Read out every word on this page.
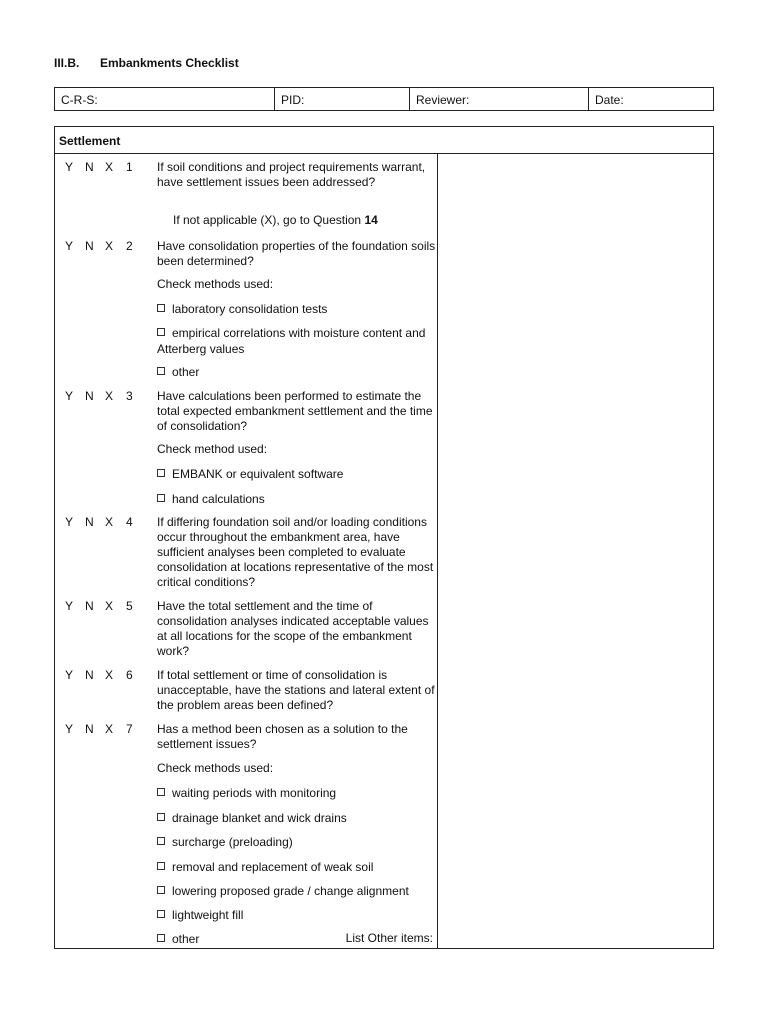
III.B. Embankments Checklist
C-R-S:	PID:	Reviewer:	Date:
Settlement
Y N X	1 If soil conditions and project requirements warrant, have settlement issues been addressed?
If not applicable (X), go to Question 14
Y N X	2 Have consolidation properties of the foundation soils been determined?
Check methods used:
laboratory consolidation tests
empirical correlations with moisture content and Atterberg values
other
Y N X	3 Have calculations been performed to estimate the total expected embankment settlement and the time of consolidation?
Check method used:
EMBANK or equivalent software
hand calculations
Y N X	4 If differing foundation soil and/or loading conditions occur throughout the embankment area, have sufficient analyses been completed to evaluate consolidation at locations representative of the most critical conditions?
Y N X	5 Have the total settlement and the time of consolidation analyses indicated acceptable values at all locations for the scope of the embankment work?
Y N X	6 If total settlement or time of consolidation is unacceptable, have the stations and lateral extent of the problem areas been defined?
Y N X	7 Has a method been chosen as a solution to the settlement issues?
Check methods used:
waiting periods with monitoring
drainage blanket and wick drains
surcharge (preloading)
removal and replacement of weak soil
lowering proposed grade / change alignment
lightweight fill
other	List Other items:
